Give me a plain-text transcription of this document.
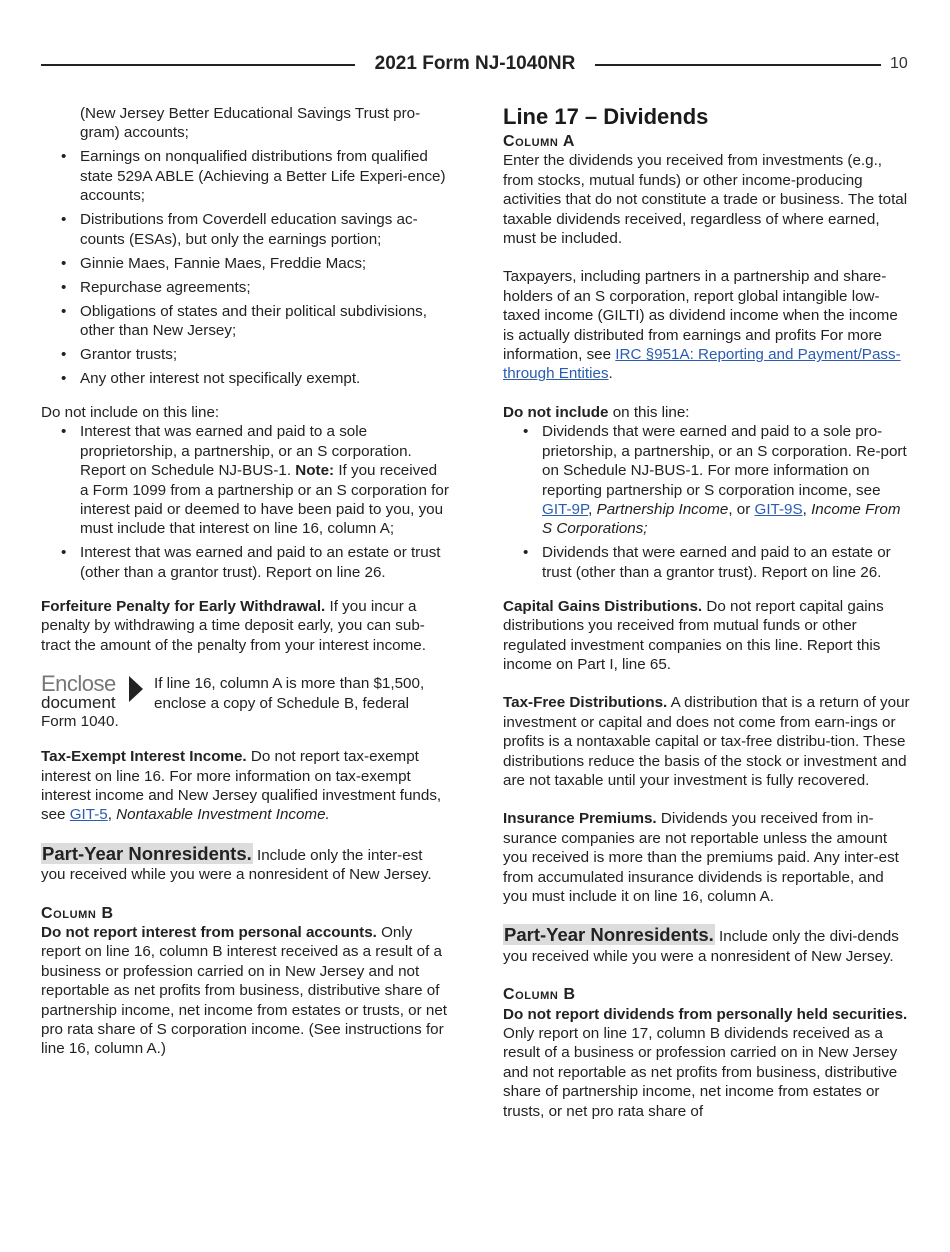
2021 Form NJ-1040NR	10

(New Jersey Better Educational Savings Trust pro-gram) accounts;

• Earnings on nonqualified distributions from qualified state 529A ABLE (Achieving a Better Life Experi-ence) accounts;
• Distributions from Coverdell education savings ac-counts (ESAs), but only the earnings portion;
• Ginnie Maes, Fannie Maes, Freddie Macs;
• Repurchase agreements;
• Obligations of states and their political subdivisions, other than New Jersey;
• Grantor trusts;
• Any other interest not specifically exempt.

Do not include on this line:

• Interest that was earned and paid to a sole proprietorship, a partnership, or an S corporation. Report on Schedule NJ-BUS-1. Note: If you received a Form 1099 from a partnership or an S corporation for interest paid or deemed to have been paid to you, you must include that interest on line 16, column A;
• Interest that was earned and paid to an estate or trust (other than a grantor trust). Report on line 26.

Forfeiture Penalty for Early Withdrawal. If you incur a penalty by withdrawing a time deposit early, you can sub-tract the amount of the penalty from your interest income.

Enclose
document
If line 16, column A is more than $1,500, enclose a copy of Schedule B, federal
Form 1040.

Tax-Exempt Interest Income. Do not report tax-exempt interest on line 16. For more information on tax-exempt interest income and New Jersey qualified investment funds, see GIT-5, Nontaxable Investment Income.

Part-Year Nonresidents. Include only the inter-est you received while you were a nonresident of New Jersey.

Column B

Do not report interest from personal accounts. Only report on line 16, column B interest received as a result of a business or profession carried on in New Jersey and not reportable as net profits from business, distributive share of partnership income, net income from estates or trusts, or net pro rata share of S corporation income. (See instructions for line 16, column A.)

Line 17 – Dividends
Column A

Enter the dividends you received from investments (e.g., from stocks, mutual funds) or other income-producing activities that do not constitute a trade or business. The total taxable dividends received, regardless of where earned, must be included.

Taxpayers, including partners in a partnership and share-holders of an S corporation, report global intangible low-taxed income (GILTI) as dividend income when the income is actually distributed from earnings and profits For more information, see IRC §951A: Reporting and Payment/Pass-through Entities.

Do not include on this line:

• Dividends that were earned and paid to a sole pro-prietorship, a partnership, or an S corporation. Re-port on Schedule NJ-BUS-1. For more information on reporting partnership or S corporation income, see GIT-9P, Partnership Income, or GIT-9S, Income From S Corporations;
• Dividends that were earned and paid to an estate or trust (other than a grantor trust). Report on line 26.

Capital Gains Distributions. Do not report capital gains distributions you received from mutual funds or other regulated investment companies on this line. Report this income on Part I, line 65.

Tax-Free Distributions. A distribution that is a return of your investment or capital and does not come from earn-ings or profits is a nontaxable capital or tax-free distribu-tion. These distributions reduce the basis of the stock or investment and are not taxable until your investment is fully recovered.

Insurance Premiums. Dividends you received from in-surance companies are not reportable unless the amount you received is more than the premiums paid. Any inter-est from accumulated insurance dividends is reportable, and you must include it on line 16, column A.

Part-Year Nonresidents. Include only the divi-dends you received while you were a nonresident of New Jersey.

Column B

Do not report dividends from personally held securities. Only report on line 17, column B dividends received as a result of a business or profession carried on in New Jersey and not reportable as net profits from business, distributive share of partnership income, net income from estates or trusts, or net pro rata share of
